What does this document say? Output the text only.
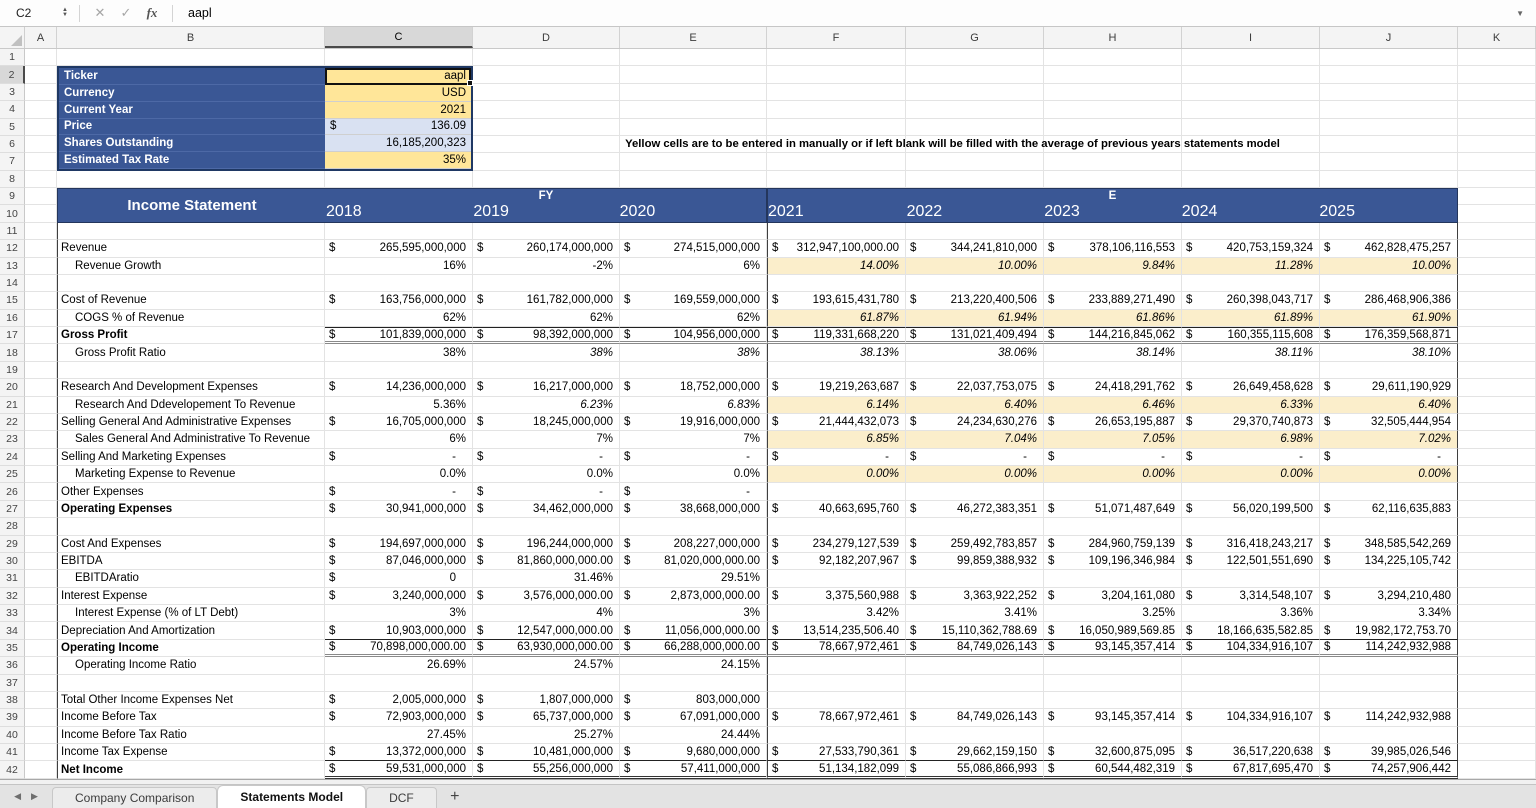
C2	▲
▼	✕	✓	fx	aapl	▼
A	B	C	D	E	F	G	H	I	J	K
1
2
3
4
5
6
7
8
9
10
11
12	Revenue	$	265,595,000,000 $	260,174,000,000 $	274,515,000,000 $ 312,947,100,000.00 $	344,241,810,000 $	378,106,116,553 $	420,753,159,324 $	462,828,475,257
13	Revenue Growth	16%	-2%	6%	14.00%	10.00%	9.84%	11.28%	10.00%
14
15	Cost of Revenue	$	163,756,000,000 $	161,782,000,000 $	169,559,000,000 $	193,615,431,780 $	213,220,400,506 $	233,889,271,490 $	260,398,043,717 $	286,468,906,386
16	COGS % of Revenue	62%	62%	62%	61.87%	61.94%	61.86%	61.89%	61.90%
17	Gross Profit	$	101,839,000,000 $	98,392,000,000 $	104,956,000,000 $	119,331,668,220 $	131,021,409,494 $	144,216,845,062 $	160,355,115,608 $	176,359,568,871
18	Gross Profit Ratio	38%	38%	38%	38.13%	38.06%	38.14%	38.11%	38.10%
19
20	Research And Development Expenses	$	14,236,000,000 $	16,217,000,000 $	18,752,000,000 $	19,219,263,687 $	22,037,753,075 $	24,418,291,762 $	26,649,458,628 $	29,611,190,929
21	Research And Ddevelopement To Revenue	5.36%	6.23%	6.83%	6.14%	6.40%	6.46%	6.33%	6.40%
22	Selling General And Administrative Expenses	$	16,705,000,000 $	18,245,000,000 $	19,916,000,000 $	21,444,432,073 $	24,234,630,276 $	26,653,195,887 $	29,370,740,873 $	32,505,444,954
23	Sales General And Administrative To Revenue	6%	7%	7%	6.85%	7.04%	7.05%	6.98%	7.02%
24	Selling And Marketing Expenses	$	- $	- $	- $	- $	- $	- $	- $	-
25	Marketing Expense to Revenue	0.0%	0.0%	0.0%	0.00%	0.00%	0.00%	0.00%	0.00%
26	Other Expenses	$	- $	- $	-
27	Operating Expenses	$	30,941,000,000 $	34,462,000,000 $	38,668,000,000 $	40,663,695,760 $	46,272,383,351 $	51,071,487,649 $	56,020,199,500 $	62,116,635,883
28
29	Cost And Expenses	$	194,697,000,000 $	196,244,000,000 $	208,227,000,000 $	234,279,127,539 $	259,492,783,857 $	284,960,759,139 $	316,418,243,217 $	348,585,542,269
30	EBITDA	$	87,046,000,000 $	81,860,000,000.00 $	81,020,000,000.00 $	92,182,207,967 $	99,859,388,932 $	109,196,346,984 $	122,501,551,690 $	134,225,105,742
31	EBITDAratio	$	0	31.46%	29.51%
32	Interest Expense	$	3,240,000,000 $	3,576,000,000.00 $	2,873,000,000.00 $	3,375,560,988 $	3,363,922,252 $	3,204,161,080 $	3,314,548,107 $	3,294,210,480
33	Interest Expense (% of LT Debt)	3%	4%	3%	3.42%	3.41%	3.25%	3.36%	3.34%
34	Depreciation And Amortization	$	10,903,000,000 $	12,547,000,000.00 $	11,056,000,000.00 $ 13,514,235,506.40 $ 15,110,362,788.69 $ 16,050,989,569.85 $ 18,166,635,582.85 $ 19,982,172,753.70
35	Operating Income	$	70,898,000,000.00 $	63,930,000,000.00 $	66,288,000,000.00 $	78,667,972,461 $	84,749,026,143 $	93,145,357,414 $	104,334,916,107 $	114,242,932,988
36	Operating Income Ratio	26.69%	24.57%	24.15%
37
38	Total Other Income Expenses Net	$	2,005,000,000 $	1,807,000,000 $	803,000,000
39	Income Before Tax	$	72,903,000,000 $	65,737,000,000 $	67,091,000,000 $	78,667,972,461 $	84,749,026,143 $	93,145,357,414 $	104,334,916,107 $	114,242,932,988
40	Income Before Tax Ratio	27.45%	25.27%	24.44%
41	Income Tax Expense	$	13,372,000,000 $	10,481,000,000 $	9,680,000,000 $	27,533,790,361 $	29,662,159,150 $	32,600,875,095 $	36,517,220,638 $	39,985,026,546
42	Net Income	$	59,531,000,000 $	55,256,000,000 $	57,411,000,000 $	51,134,182,099 $	55,086,866,993 $	60,544,482,319 $	67,817,695,470 $	74,257,906,442
Ticker	aapl
Currency	USD
Current Year	2021
Price	$	136.09
Shares Outstanding	16,185,200,323
Estimated Tax Rate	35%
Yellow cells are to be entered in manually or if left blank will be filled with the average of previous years statements model
Income Statement
FY
2018	2019	2020
E
2021	2022	2023	2024	2025
◀ ▶	Company Comparison	Statements Model	DCF	+
